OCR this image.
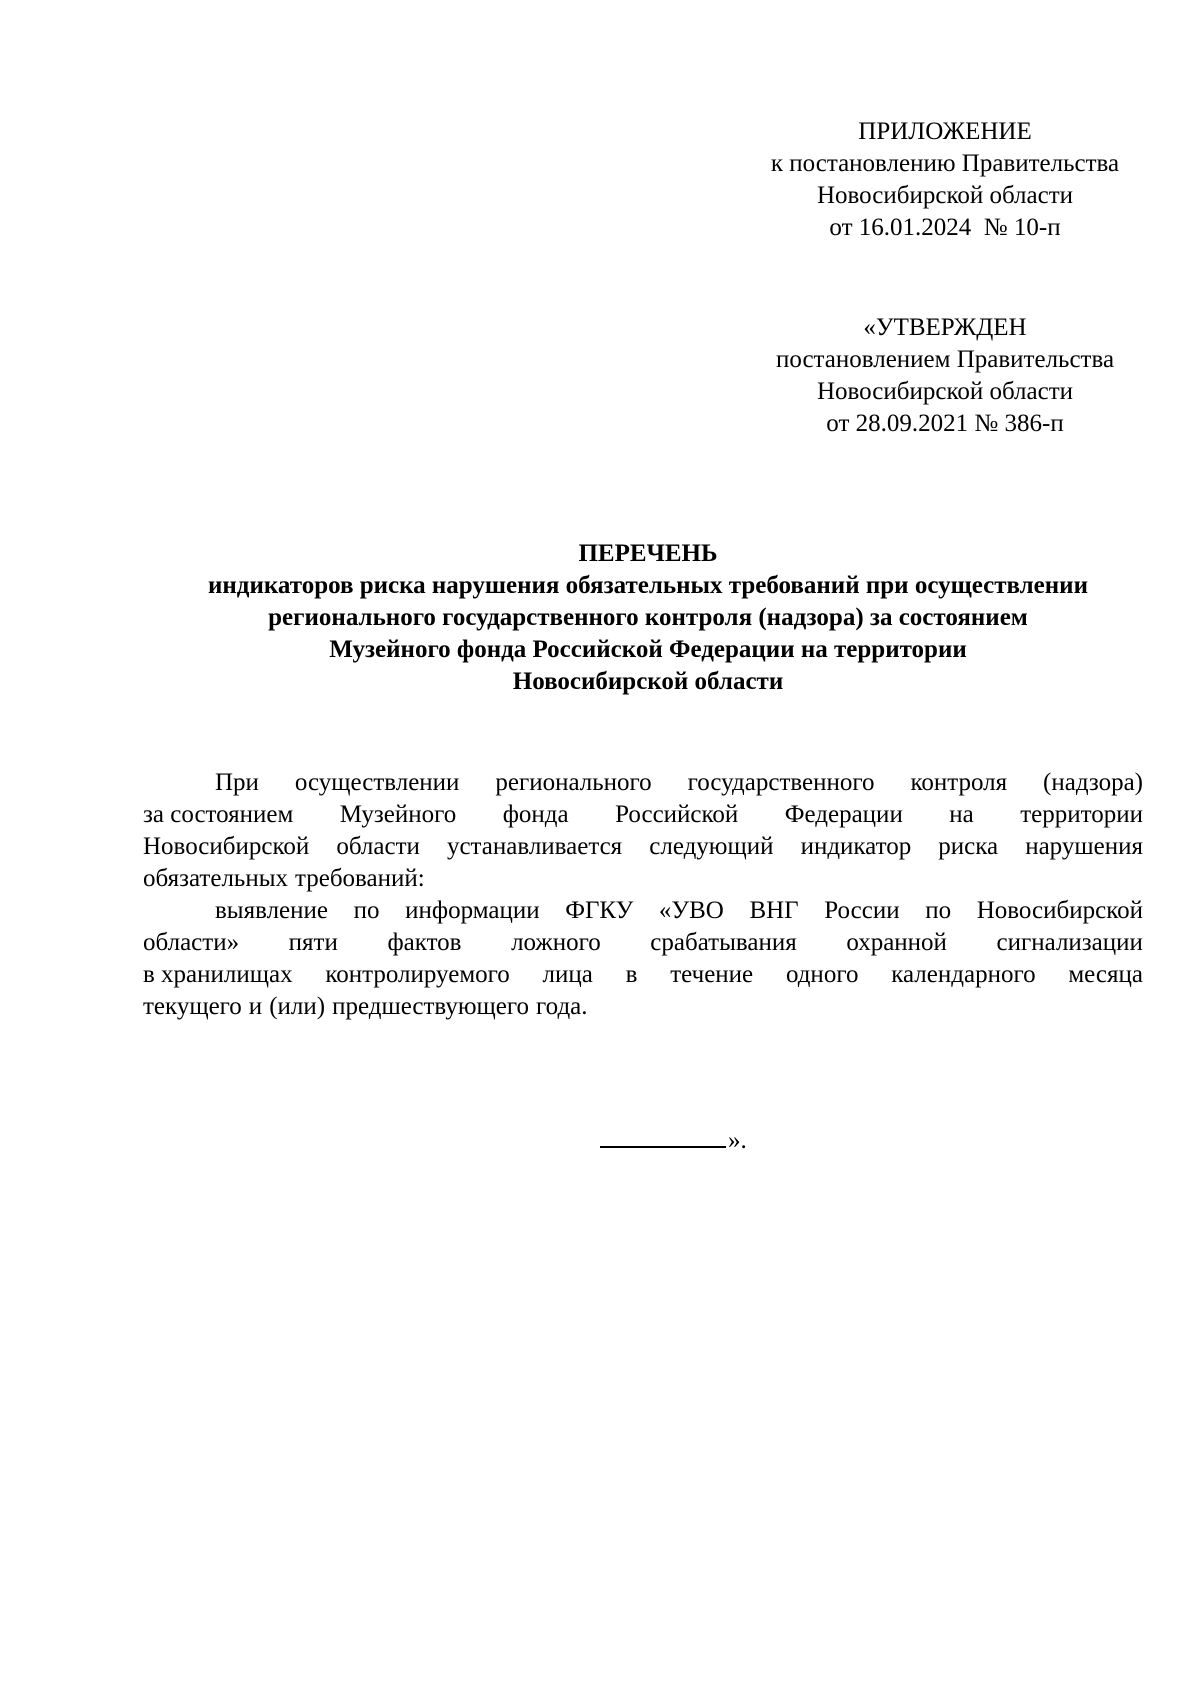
ПРИЛОЖЕНИЕ
к постановлению Правительства
Новосибирской области
от 16.01.2024  № 10-п
«УТВЕРЖДЕН
постановлением Правительства
Новосибирской области
от 28.09.2021 № 386-п
ПЕРЕЧЕНЬ
индикаторов риска нарушения обязательных требований при осуществлении
регионального государственного контроля (надзора) за состоянием
Музейного фонда Российской Федерации на территории
Новосибирской области
При осуществлении регионального государственного контроля (надзора)
за состоянием Музейного фонда Российской Федерации на территории
Новосибирской области устанавливается следующий индикатор риска нарушения
обязательных требований:
выявление по информации ФГКУ «УВО ВНГ России по Новосибирской
области» пяти фактов ложного срабатывания охранной сигнализации
в хранилищах контролируемого лица в течение одного календарного месяца
текущего и (или) предшествующего года.
».
